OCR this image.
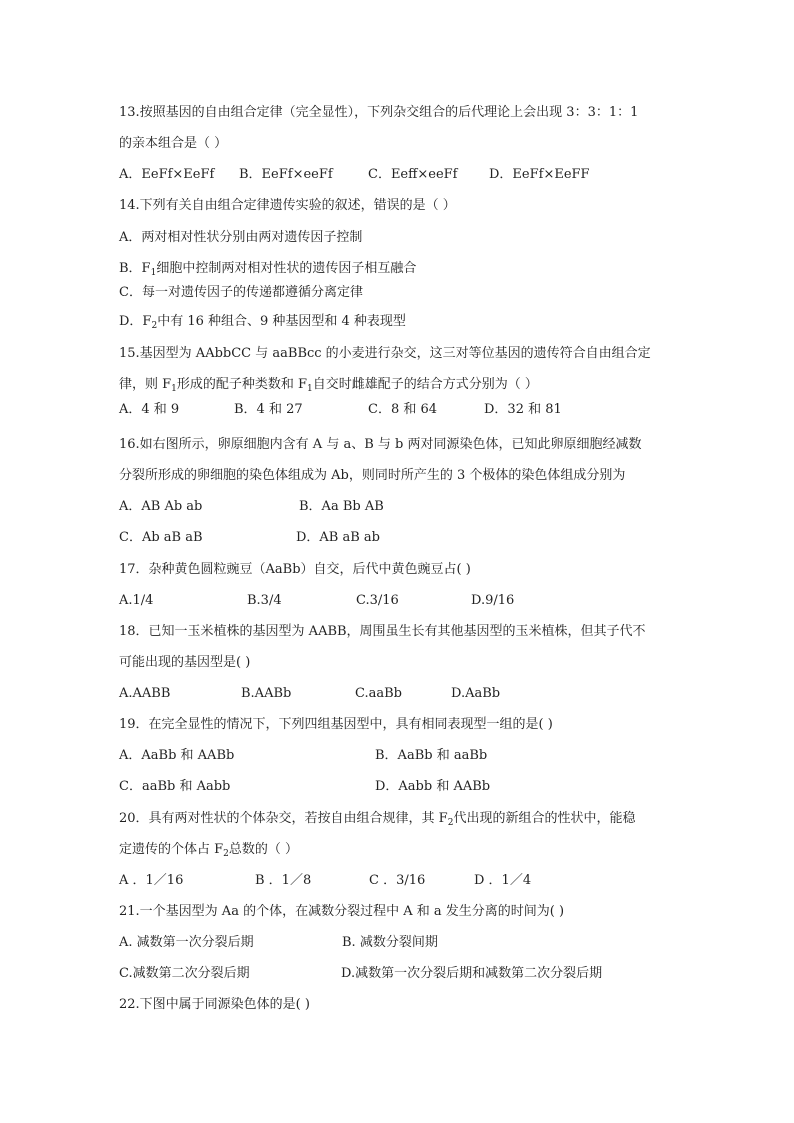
13.按照基因的自由组合定律（完全显性），下列杂交组合的后代理论上会出现 3：3：1：1
的亲本组合是（ ）
A．EeFf×EeFf B．EeFf×eeFf	C．Eeff×eeFf D．EeFf×EeFF
14.下列有关自由组合定律遗传实验的叙述，错误的是（ ）
A．两对相对性状分别由两对遗传因子控制
B．$F_1$细胞中控制两对相对性状的遗传因子相互融合
C．每一对遗传因子的传递都遵循分离定律
D．$F_2$中有 16 种组合、9 种基因型和 4 种表现型
15.基因型为 AAbbCC 与 aaBBcc 的小麦进行杂交，这三对等位基因的遗传符合自由组合定
律，则 $F_1$形成的配子种类数和 $F_1$自交时雌雄配子的结合方式分别为（ ）
A．4 和 9	B．4 和 27	C．8 和 64	D．32 和 81
16.如右图所示，卵原细胞内含有 A 与 a、B 与 b 两对同源染色体，已知此卵原细胞经减数
分裂所形成的卵细胞的染色体组成为 Ab，则同时所产生的 3 个极体的染色体组成分别为
A．AB Ab ab	B．Aa Bb AB
C．Ab aB aB	D．AB aB ab
17．杂种黄色圆粒豌豆（AaBb）自交，后代中黄色豌豆占( )
A.1/4	B.3/4	C.3/16	D.9/16
18．已知一玉米植株的基因型为 AABB，周围虽生长有其他基因型的玉米植株，但其子代不
可能出现的基因型是( )
A.AABB	B.AABb	C.aaBb	D.AaBb
19．在完全显性的情况下，下列四组基因型中，具有相同表现型一组的是( )
A．AaBb 和 AABb	B．AaBb 和 aaBb
C．aaBb 和 Aabb	D．Aabb 和 AABb
20．具有两对性状的个体杂交，若按自由组合规律，其 $F_2$代出现的新组合的性状中，能稳
定遗传的个体占 $F_2$总数的（ ）
A ．1／16	B ．1／8	C ．3/16	D ．1／4
21.一个基因型为 Aa 的个体，在减数分裂过程中 A 和 a 发生分离的时间为( )
A. 减数第一次分裂后期	B. 减数分裂间期
C.减数第二次分裂后期	D.减数第一次分裂后期和减数第二次分裂后期
22.下图中属于同源染色体的是( )
